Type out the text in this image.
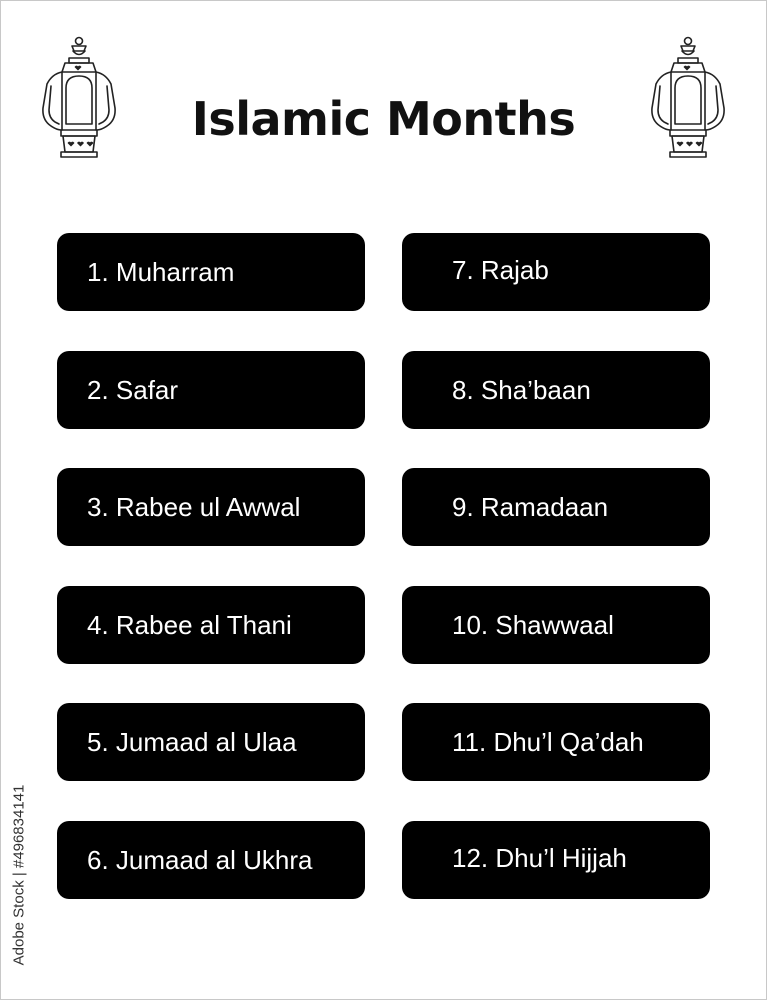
Islamic Months
1. Muharram
2. Safar
3. Rabee ul Awwal
4. Rabee al Thani
5. Jumaad al Ulaa
6. Jumaad al Ukhra
7. Rajab
8. Sha’baan
9. Ramadaan
10. Shawwaal
11. Dhu’l Qa’dah
12. Dhu’l Hijjah
Adobe Stock | #496834141
